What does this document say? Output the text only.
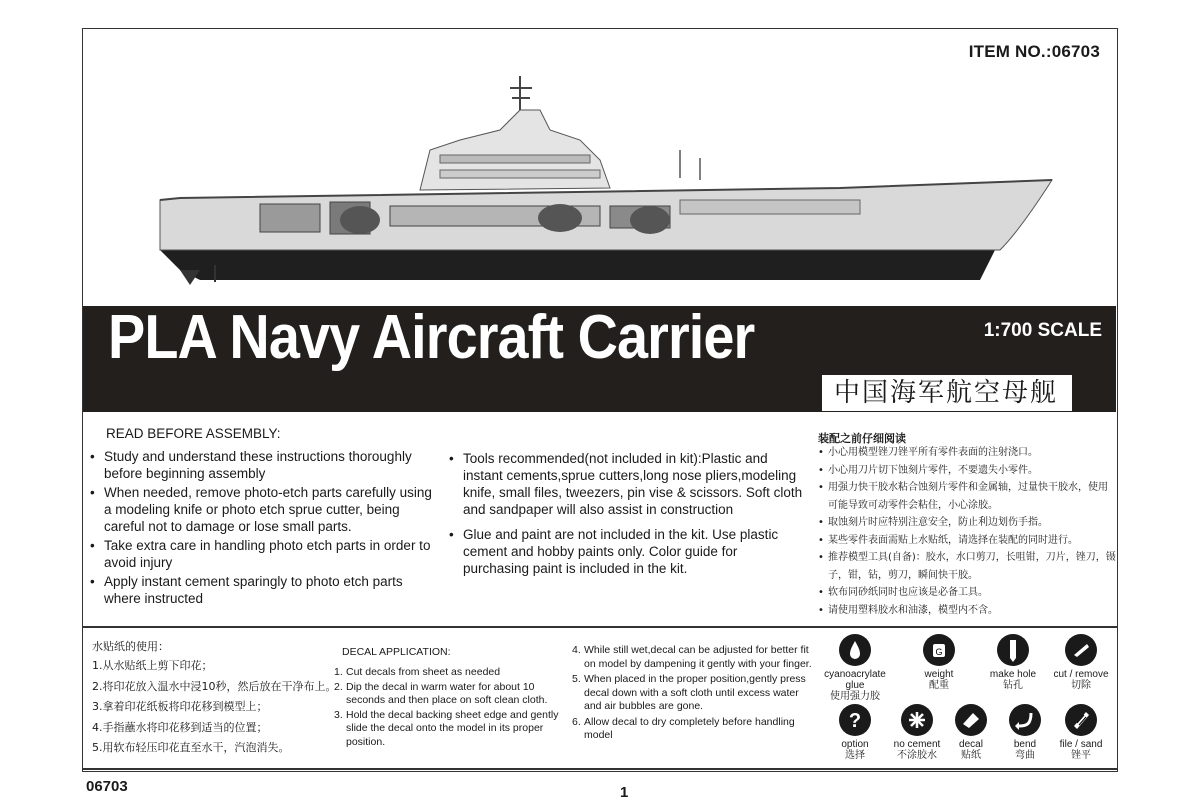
ITEM NO.:06703
PLA Navy Aircraft Carrier	1:700 SCALE
中国海军航空母舰
READ BEFORE ASSEMBLY:
• Study and understand these instructions thoroughly before beginning assembly
• When needed, remove photo-etch parts carefully using a modeling knife or photo etch sprue cutter, being careful not to damage or lose small parts.
• Take extra care in handling photo etch parts in order to avoid injury
• Apply instant cement sparingly to photo etch parts where instructed
• Tools recommended(not included in kit):Plastic and instant cements,sprue cutters,long nose pliers,modeling knife, small files, tweezers, pin vise & scissors. Soft cloth and sandpaper will also assist in construction
• Glue and paint are not included in the kit. Use plastic cement and hobby paints only. Color guide for purchasing paint is included in the kit.
装配之前仔细阅读
• 小心用模型锉刀锉平所有零件表面的注射浇口。
• 小心用刀片切下蚀刻片零件，不要遗失小零件。
• 用强力快干胶水粘合蚀刻片零件和金属轴，过量快干胶水，使用可能导致可动零件会粘住，小心涂胶。
• 取蚀刻片时应特别注意安全，防止利边划伤手指。
• 某些零件表面需贴上水贴纸，请选择在装配的同时进行。
• 推荐模型工具(自备)：胶水，水口剪刀，长咀钳，刀片，锉刀，镊子，钳，钻，剪刀，瞬间快干胶。
• 软布同砂纸同时也应该是必备工具。
• 请使用塑料胶水和油漆，模型内不含。
水贴纸的使用：
1.从水贴纸上剪下印花；
2.将印花放入温水中浸10秒，然后放在干净布上。
3.拿着印花纸板将印花移到模型上；
4.手指蘸水将印花移到适当的位置；
5.用软布轻压印花直至水干，汽泡消失。
DECAL APPLICATION:
1. Cut decals from sheet as needed
2. Dip the decal in warm water for about 10 seconds and then place on soft clean cloth.
3. Hold the decal backing sheet edge and gently slide the decal onto the model in its proper position.
4. While still wet,decal can be adjusted for better fit on model by dampening it gently with your finger.
5. When placed in the proper position,gently press decal down with a soft cloth until excess water and air bubbles are gone.
6. Allow decal to dry completely before handling model
cyanoacrylate glue
使用强力胶
G
weight
配重
make hole
钻孔
cut / remove
切除
?
option
选择
no cement
不涂胶水
decal
贴纸
bend
弯曲
file / sand
锉平
06703	1
